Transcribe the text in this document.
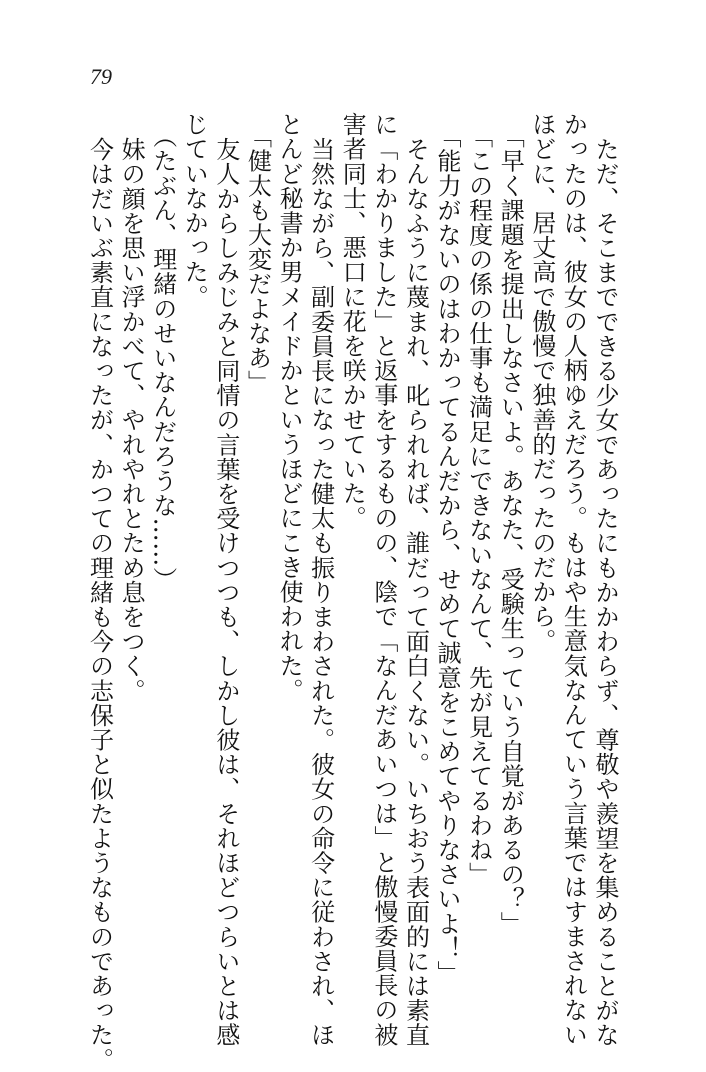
79
ただ、そこまでできる少女であったにもかかわらず、尊敬や羨望を集めることがな
かったのは、彼女の人柄ゆえだろう。もはや生意気なんていう言葉ではすまされない
ほどに、居丈高で傲慢で独善的だったのだから。
「早く課題を提出しなさいよ。あなた、受験生っていう自覚があるの？」
「この程度の係の仕事も満足にできないなんて、先が見えてるわね」
「能力がないのはわかってるんだから、せめて誠意をこめてやりなさいよ！」
そんなふうに蔑まれ、叱られれば、誰だって面白くない。いちおう表面的には素直
に「わかりました」と返事をするものの、陰で「なんだあいつは」と傲慢委員長の被
害者同士、悪口に花を咲かせていた。
当然ながら、副委員長になった健太も振りまわされた。彼女の命令に従わされ、ほ
とんど秘書か男メイドかというほどにこき使われた。
「健太も大変だよなあ」
友人からしみじみと同情の言葉を受けつつも、しかし彼は、それほどつらいとは感
じていなかった。
（たぶん、理緒のせいなんだろうな……）
妹の顔を思い浮かべて、やれやれとため息をつく。
今はだいぶ素直になったが、かつての理緒も今の志保子と似たようなものであった。
